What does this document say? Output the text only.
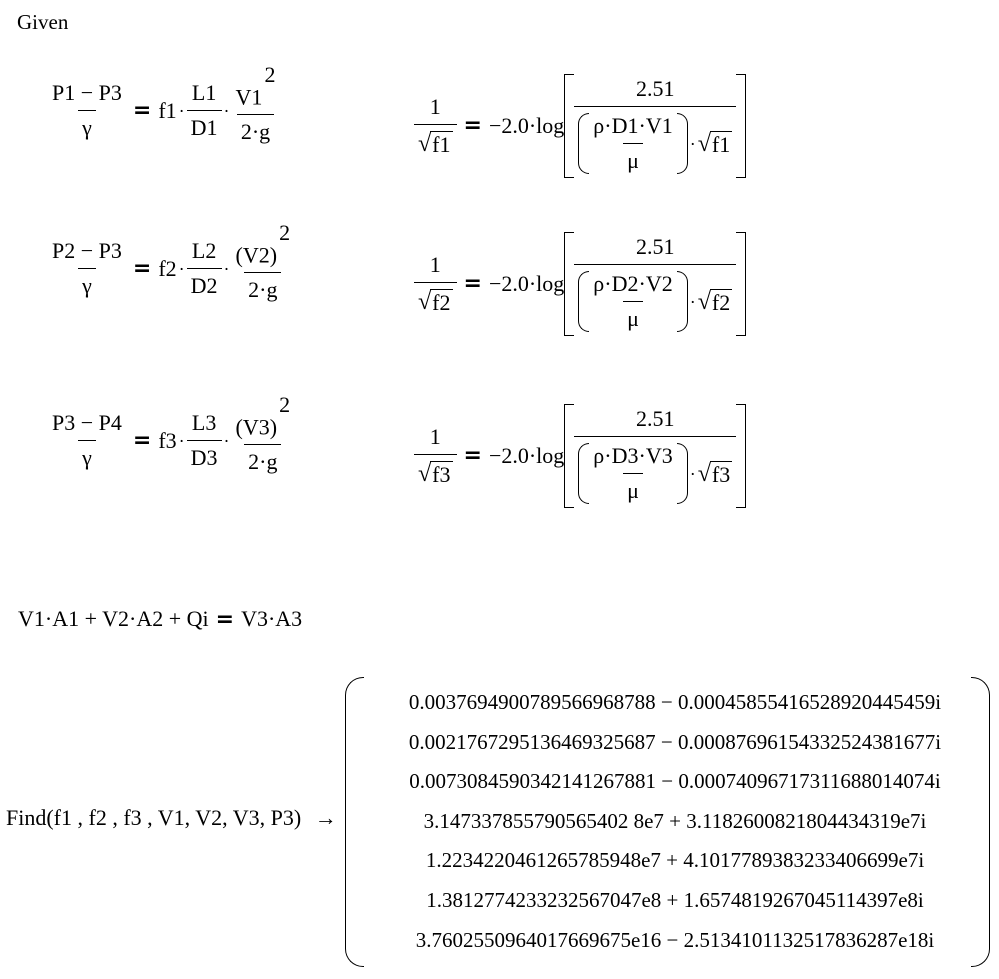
Given
$\frac{P1 - P3}{\gamma} = f1 \cdot \frac{L1}{D1} \cdot \frac{V1^2}{2\cdot g}$	$\frac{1}{√ f1} = -2.0\cdot\log \frac{2.51}{\frac{\rho\cdot D1\cdot V1}{\mu} \cdot √ f1}$
$\frac{P2 - P3}{\gamma} = f2 \cdot \frac{L2}{D2} \cdot \frac{(V2)^2}{2\cdot g}$	$\frac{1}{√ f2} = -2.0\cdot\log \frac{2.51}{\frac{\rho\cdot D2\cdot V2}{\mu} \cdot √ f2}$
$\frac{P3 - P4}{\gamma} = f3 \cdot \frac{L3}{D3} \cdot \frac{(V3)^2}{2\cdot g}$	$\frac{1}{√ f3} = -2.0\cdot\log \frac{2.51}{\frac{\rho\cdot D3\cdot V3}{\mu} \cdot √ f3}$
V1·A1 + V2·A2 + Qi = V3·A3
Find(f1 , f2 , f3 , V1, V2, V3, P3) →
0.0037694900789566968788 − 0.00045855416528920445459i
0.0021767295136469325687 − 0.00087696154332524381677i
0.0073084590342141267881 − 0.00074096717311688014074i
3.147337855790565402 8e7 + 3.1182600821804434319e7i
1.2234220461265785948e7 + 4.1017789383233406699e7i
1.3812774233232567047e8 + 1.6574819267045114397e8i
3.7602550964017669675e16 − 2.5134101132517836287e18i
